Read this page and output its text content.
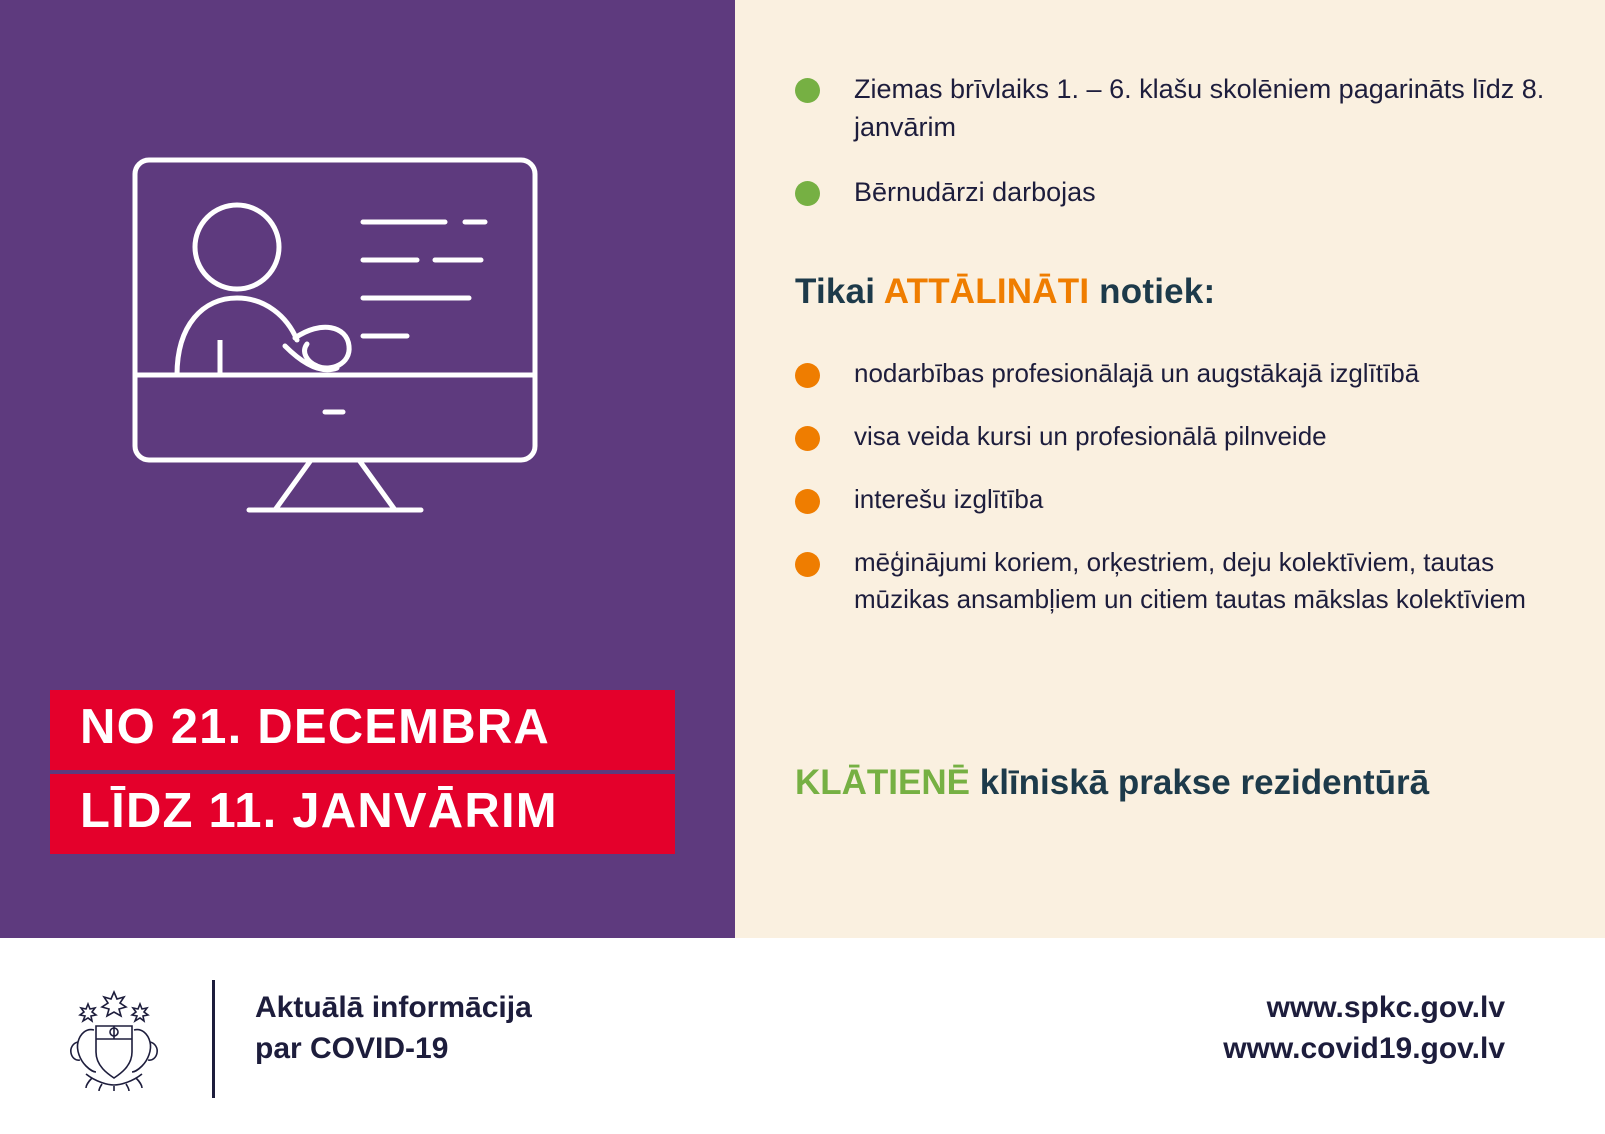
NO 21. DECEMBRA
LĪDZ 11. JANVĀRIM
Ziemas brīvlaiks 1. – 6. klašu skolēniem pagarināts līdz 8. janvārim
Bērnudārzi darbojas
Tikai ATTĀLINĀTI notiek:
nodarbības profesionālajā un augstākajā izglītībā
visa veida kursi un profesionālā pilnveide
interešu izglītība
mēģinājumi koriem, orķestriem, deju kolektīviem, tautas mūzikas ansambļiem un citiem tautas mākslas kolektīviem
KLĀTIENĒ klīniskā prakse rezidentūrā
Aktuālā informācija
par COVID-19
www.spkc.gov.lv
www.covid19.gov.lv
